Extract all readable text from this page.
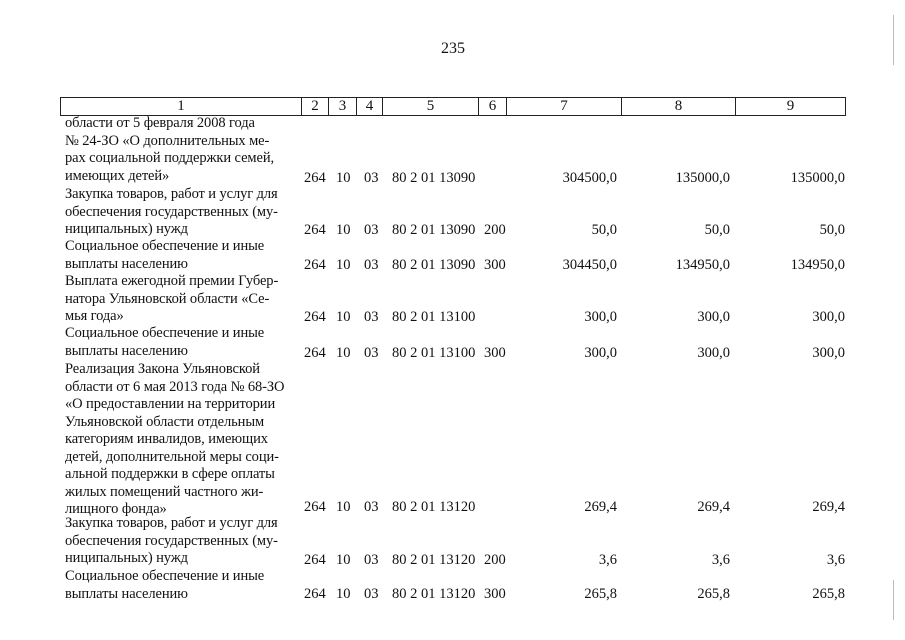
235
1	2	3	4	5	6	7	8	9
области от 5 февраля 2008 года
№ 24-ЗО «О дополнительных ме-
рах социальной поддержки семей,
имеющих детей»	264 10 03 80 2 01 13090	304500,0	135000,0	135000,0
Закупка товаров, работ и услуг для
обеспечения государственных (му-
ниципальных) нужд	264 10 03 80 2 01 13090 200	50,0	50,0	50,0
Социальное обеспечение и иные
выплаты населению	264 10 03 80 2 01 13090 300	304450,0	134950,0	134950,0
Выплата ежегодной премии Губер-
натора Ульяновской области «Се-
мья года»	264 10 03 80 2 01 13100	300,0	300,0	300,0
Социальное обеспечение и иные
выплаты населению	264 10 03 80 2 01 13100 300	300,0	300,0	300,0
Реализация Закона Ульяновской
области от 6 мая 2013 года № 68-ЗО
«О предоставлении на территории
Ульяновской области отдельным
категориям инвалидов, имеющих
детей, дополнительной меры соци-
альной поддержки в сфере оплаты
жилых помещений частного жи-
лищного фонда»	264 10 03 80 2 01 13120	269,4	269,4	269,4
Закупка товаров, работ и услуг для
обеспечения государственных (му-
ниципальных) нужд	264 10 03 80 2 01 13120 200	3,6	3,6	3,6
Социальное обеспечение и иные
выплаты населению	264 10 03 80 2 01 13120 300	265,8	265,8	265,8
